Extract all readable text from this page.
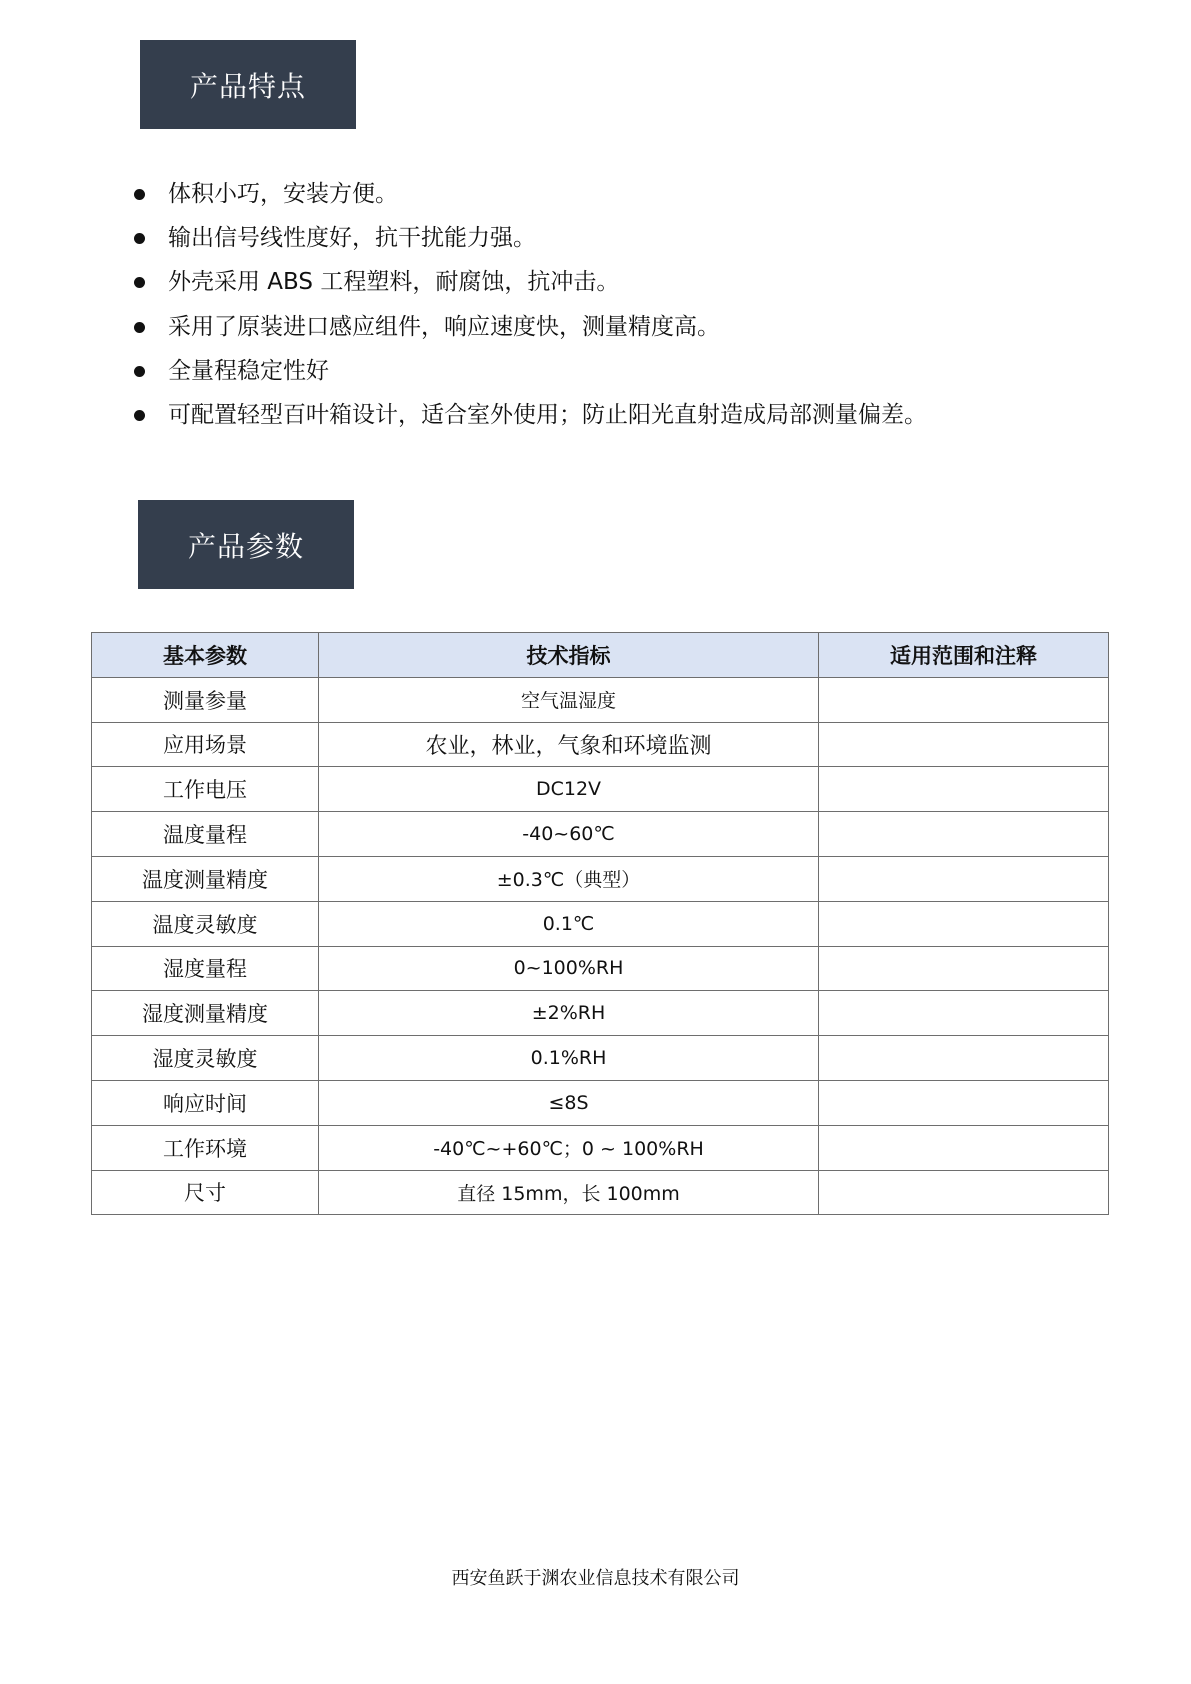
产品特点
体积小巧，安装方便。
输出信号线性度好，抗干扰能力强。
外壳采用 ABS 工程塑料，耐腐蚀，抗冲击。
采用了原装进口感应组件，响应速度快，测量精度高。
全量程稳定性好
可配置轻型百叶箱设计，适合室外使用；防止阳光直射造成局部测量偏差。
产品参数
基本参数	技术指标	适用范围和注释
测量参量	空气温湿度	
应用场景	农业，林业，气象和环境监测	
工作电压	DC12V	
温度量程	-40~60℃	
温度测量精度	±0.3℃（典型）	
温度灵敏度	0.1℃	
湿度量程	0~100%RH	
湿度测量精度	±2%RH	
湿度灵敏度	0.1%RH	
响应时间	≤8S	
工作环境	-40℃~+60℃；0 ~ 100%RH	
尺寸	直径 15mm，长 100mm	
西安鱼跃于渊农业信息技术有限公司
